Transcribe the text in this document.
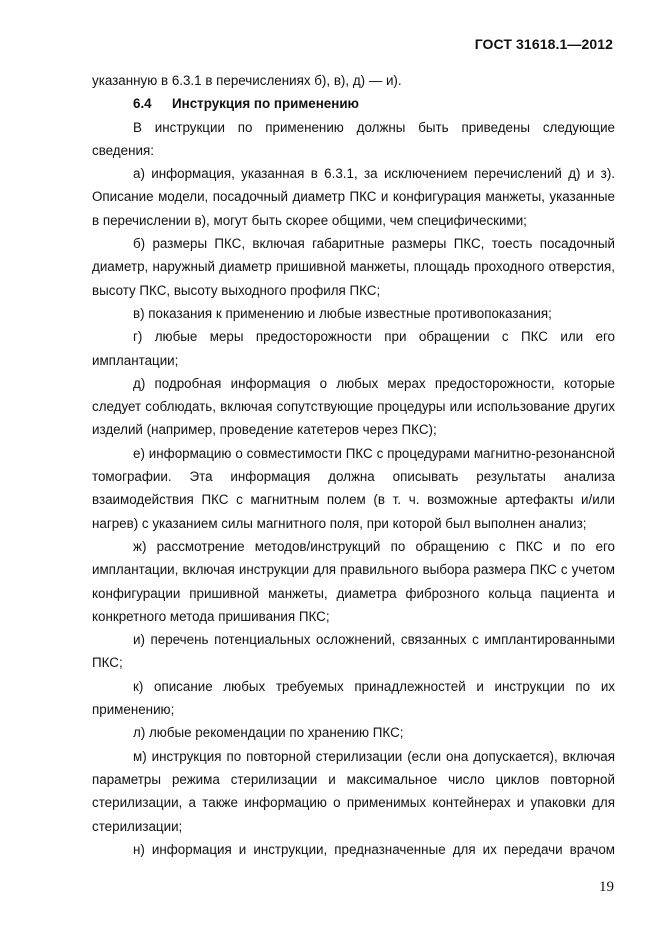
ГОСТ 31618.1—2012

указанную в 6.3.1 в перечислениях б), в), д) — и).

6.4 Инструкция по применению

В инструкции по применению должны быть приведены следующие сведения:

а) информация, указанная в 6.3.1, за исключением перечислений д) и з). Описание модели, посадочный диаметр ПКС и конфигурация манжеты, указанные в перечислении в), могут быть скорее общими, чем специфическими;

б) размеры ПКС, включая габаритные размеры ПКС, тоесть посадочный диаметр, наружный диаметр пришивной манжеты, площадь проходного отверстия, высоту ПКС, высоту выходного профиля ПКС;

в) показания к применению и любые известные противопоказания;

г) любые меры предосторожности при обращении с ПКС или его имплантации;

д) подробная информация о любых мерах предосторожности, которые следует соблюдать, включая сопутствующие процедуры или использование других изделий (например, проведение катетеров через ПКС);

е) информацию о совместимости ПКС с процедурами магнитно-резонансной томографии. Эта информация должна описывать результаты анализа взаимодействия ПКС с магнитным полем (в т. ч. возможные артефакты и/или нагрев) с указанием силы магнитного поля, при которой был выполнен анализ;

ж) рассмотрение методов/инструкций по обращению с ПКС и по его имплантации, включая инструкции для правильного выбора размера ПКС с учетом конфигурации пришивной манжеты, диаметра фиброзного кольца пациента и конкретного метода пришивания ПКС;

и) перечень потенциальных осложнений, связанных с имплантированными ПКС;

к) описание любых требуемых принадлежностей и инструкции по их применению;

л) любые рекомендации по хранению ПКС;

м) инструкция по повторной стерилизации (если она допускается), включая параметры режима стерилизации и максимальное число циклов повторной стерилизации, а также информацию о применимых контейнерах и упаковки для стерилизации;

н) информация и инструкции, предназначенные для их передачи врачом

19
